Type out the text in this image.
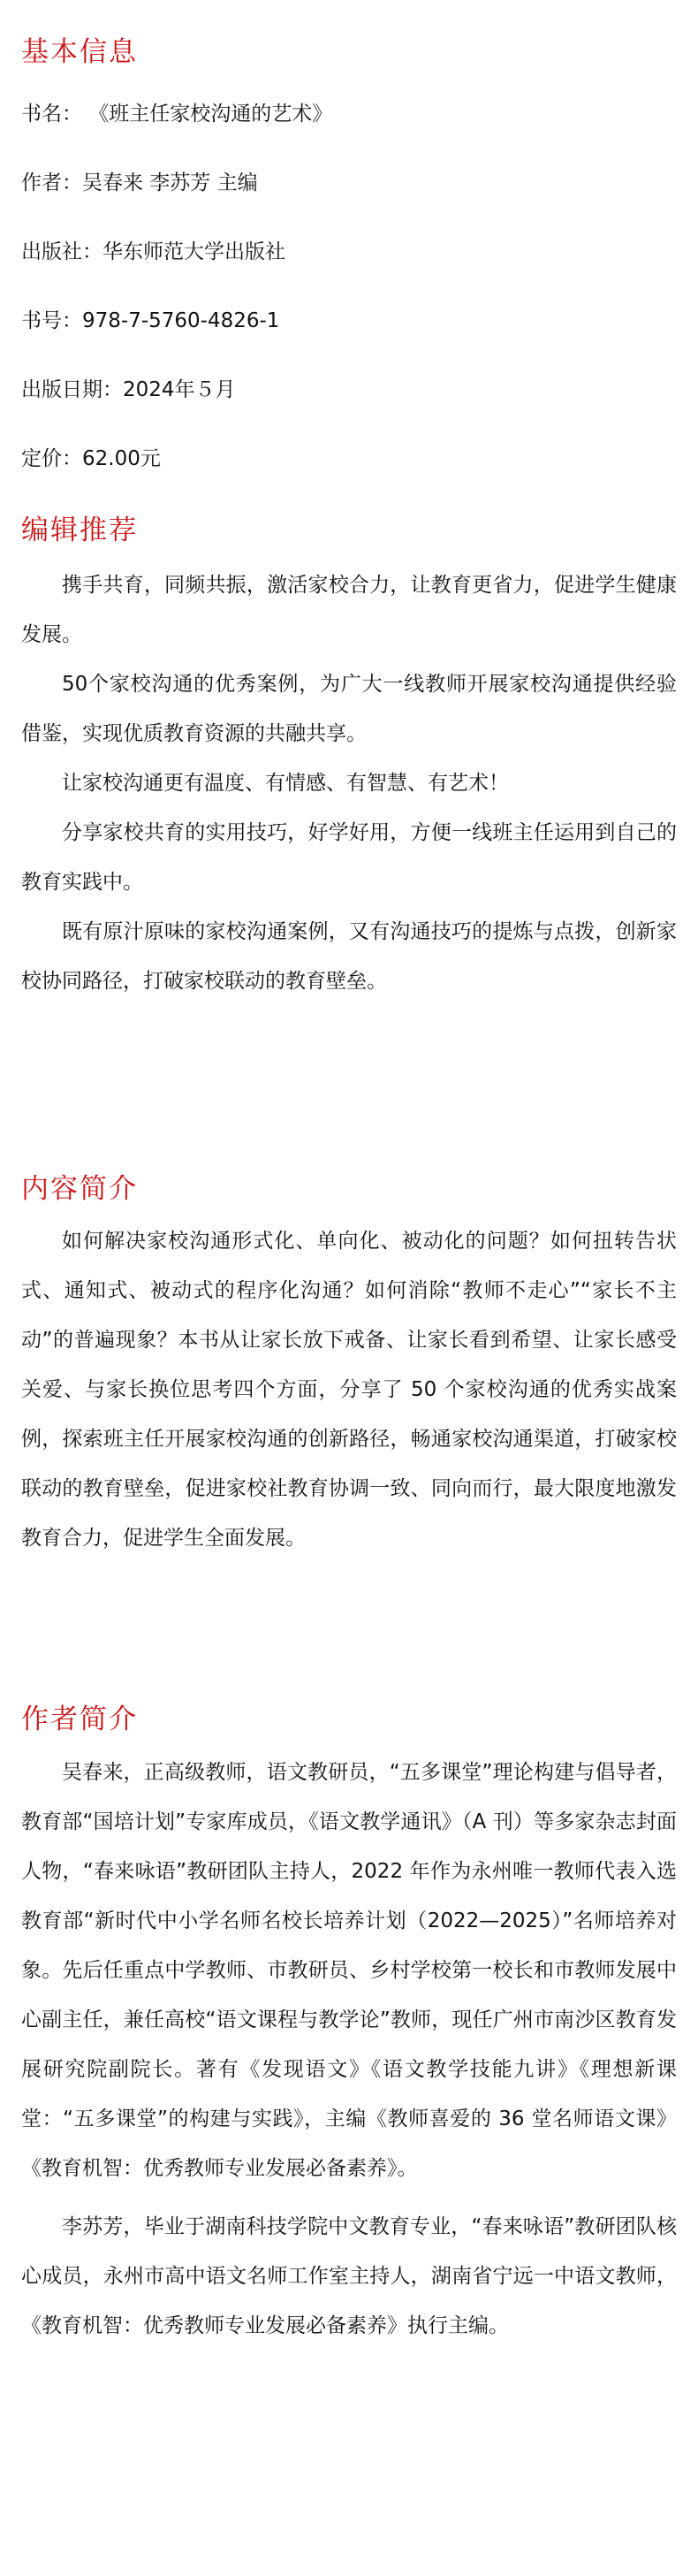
基本信息

书名： 《班主任家校沟通的艺术》

作者：吴春来 李苏芳 主编

出版社：华东师范大学出版社

书号：978-7-5760-4826-1

出版日期：2024年５月

定价：62.00元

编辑推荐

携手共育，同频共振，激活家校合力，让教育更省力，促进学生健康发展。

50个家校沟通的优秀案例，为广大一线教师开展家校沟通提供经验借鉴，实现优质教育资源的共融共享。

让家校沟通更有温度、有情感、有智慧、有艺术！

分享家校共育的实用技巧，好学好用，方便一线班主任运用到自己的教育实践中。

既有原汁原味的家校沟通案例，又有沟通技巧的提炼与点拨，创新家校协同路径，打破家校联动的教育壁垒。

内容简介

如何解决家校沟通形式化、单向化、被动化的问题？如何扭转告状式、通知式、被动式的程序化沟通？如何消除“教师不走心”“家长不主动”的普遍现象？本书从让家长放下戒备、让家长看到希望、让家长感受关爱、与家长换位思考四个方面，分享了 50 个家校沟通的优秀实战案例，探索班主任开展家校沟通的创新路径，畅通家校沟通渠道，打破家校联动的教育壁垒，促进家校社教育协调一致、同向而行，最大限度地激发教育合力，促进学生全面发展。

作者简介

吴春来，正高级教师，语文教研员，“五多课堂”理论构建与倡导者，教育部“国培计划”专家库成员，《语文教学通讯》（A 刊）等多家杂志封面人物，“春来咏语”教研团队主持人，2022 年作为永州唯一教师代表入选教育部“新时代中小学名师名校长培养计划（2022—2025）”名师培养对象。先后任重点中学教师、市教研员、乡村学校第一校长和市教师发展中心副主任，兼任高校“语文课程与教学论”教师，现任广州市南沙区教育发展研究院副院长。著有《发现语文》《语文教学技能九讲》《理想新课堂：“五多课堂”的构建与实践》，主编《教师喜爱的 36 堂名师语文课》《教育机智：优秀教师专业发展必备素养》。

李苏芳，毕业于湖南科技学院中文教育专业，“春来咏语”教研团队核心成员，永州市高中语文名师工作室主持人，湖南省宁远一中语文教师，《教育机智：优秀教师专业发展必备素养》执行主编。
